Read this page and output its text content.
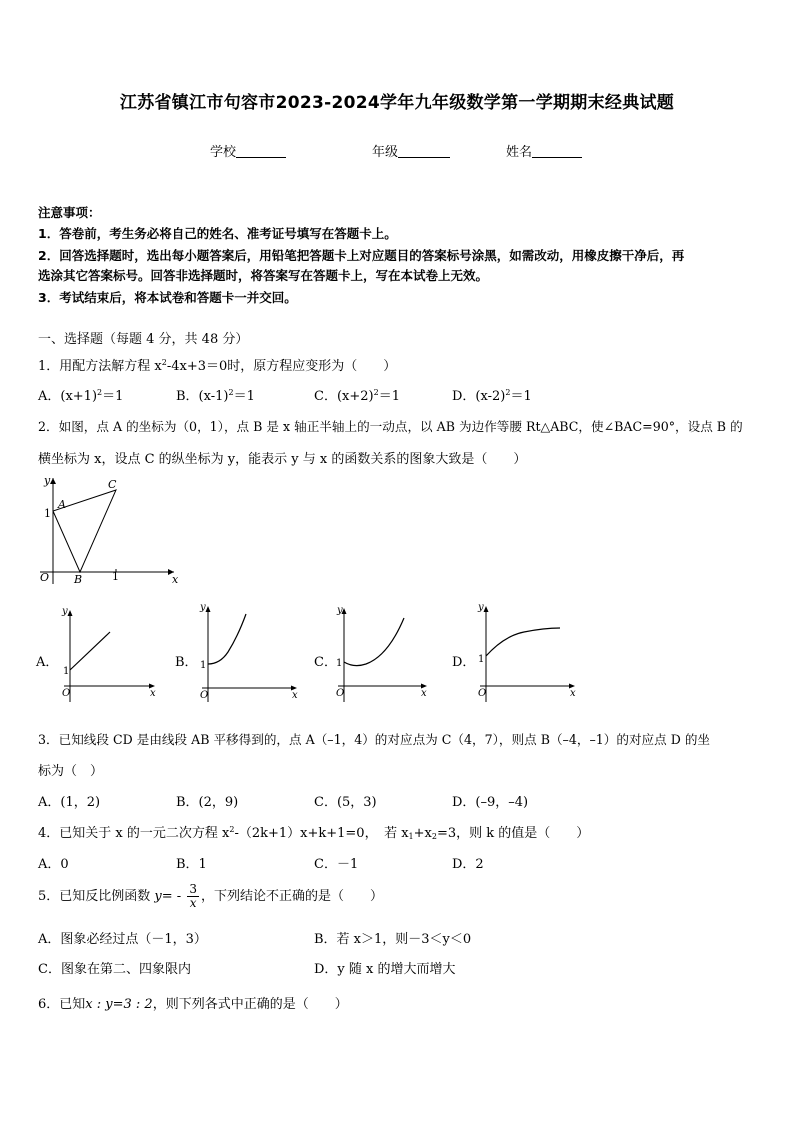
江苏省镇江市句容市2023-2024学年九年级数学第一学期期末经典试题
学校	年级	姓名
注意事项：
1．答卷前，考生务必将自己的姓名、准考证号填写在答题卡上。
2．回答选择题时，选出每小题答案后，用铅笔把答题卡上对应题目的答案标号涂黑，如需改动，用橡皮擦干净后，再
选涂其它答案标号。回答非选择题时，将答案写在答题卡上，写在本试卷上无效。
3．考试结束后，将本试卷和答题卡一并交回。
一、选择题（每题 4 分，共 48 分）
1．用配方法解方程 $x^2-4x+3=0$时，原方程应变形为（　　）
A．$(x+1)^2=1$	B．$(x-1)^2=1$	C．$(x+2)^2=1$	D．$(x-2)^2=1$
2．如图，点 A 的坐标为（0，1），点 B 是 x 轴正半轴上的一动点，以 AB 为边作等腰 Rt△ABC，使∠BAC=90°，设点 B 的
横坐标为 x，设点 C 的纵坐标为 y，能表示 y 与 x 的函数关系的图象大致是（　　）
y
x
O
A
B
C
1
1
A．
y
x
O
1
B．
y
x
O
1	C．
y
x
O
1	D．
y
x
O
1
3．已知线段 CD 是由线段 AB 平移得到的，点 A（–1，4）的对应点为 C（4，7），则点 B（–4，–1）的对应点 D 的坐
标为（　）
A．(1，2)	B．(2，9)	C．(5，3)	D．(–9，–4)
4．已知关于 x 的一元二次方程 $x^2-(2k+1)x+k+1=0$，　若 $x_1+x_2=3$，则 k 的值是（　　）
A．0	B．1	C．－1	D．2
5．已知反比例函数 $y= - \frac{3}{x}$ ，下列结论不正确的是（　　）
A．图象必经过点（－1，3）	B．若 x＞1，则－3＜y＜0
C．图象在第二、四象限内	D．y 随 x 的增大而增大
6．已知x : y=3 : 2，则下列各式中正确的是（　　）
